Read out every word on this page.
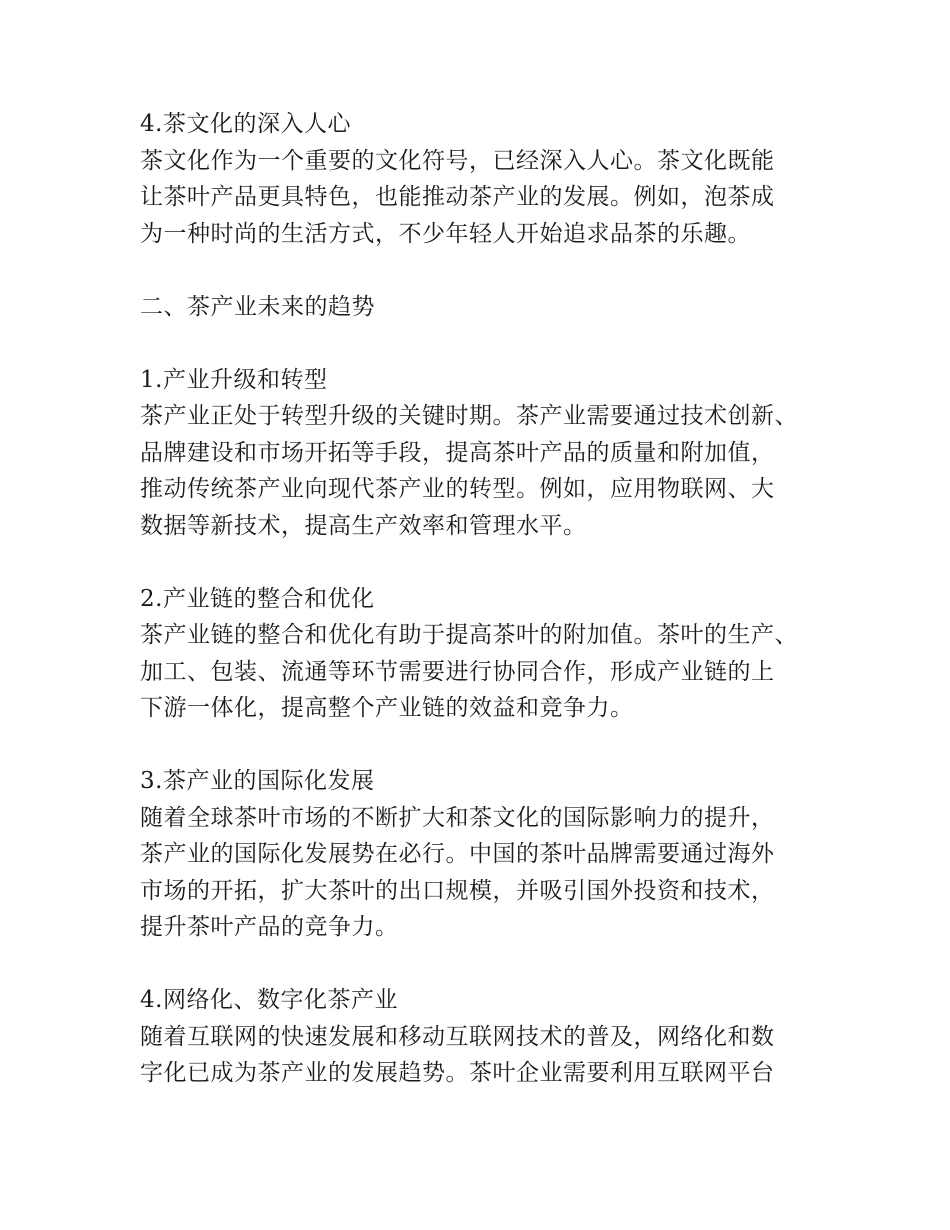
4.茶文化的深入人心
茶文化作为一个重要的文化符号，已经深入人心。茶文化既能
让茶叶产品更具特色，也能推动茶产业的发展。例如，泡茶成
为一种时尚的生活方式，不少年轻人开始追求品茶的乐趣。
二、茶产业未来的趋势
1.产业升级和转型
茶产业正处于转型升级的关键时期。茶产业需要通过技术创新、
品牌建设和市场开拓等手段，提高茶叶产品的质量和附加值，
推动传统茶产业向现代茶产业的转型。例如，应用物联网、大
数据等新技术，提高生产效率和管理水平。
2.产业链的整合和优化
茶产业链的整合和优化有助于提高茶叶的附加值。茶叶的生产、
加工、包装、流通等环节需要进行协同合作，形成产业链的上
下游一体化，提高整个产业链的效益和竞争力。
3.茶产业的国际化发展
随着全球茶叶市场的不断扩大和茶文化的国际影响力的提升，
茶产业的国际化发展势在必行。中国的茶叶品牌需要通过海外
市场的开拓，扩大茶叶的出口规模，并吸引国外投资和技术，
提升茶叶产品的竞争力。
4.网络化、数字化茶产业
随着互联网的快速发展和移动互联网技术的普及，网络化和数
字化已成为茶产业的发展趋势。茶叶企业需要利用互联网平台
